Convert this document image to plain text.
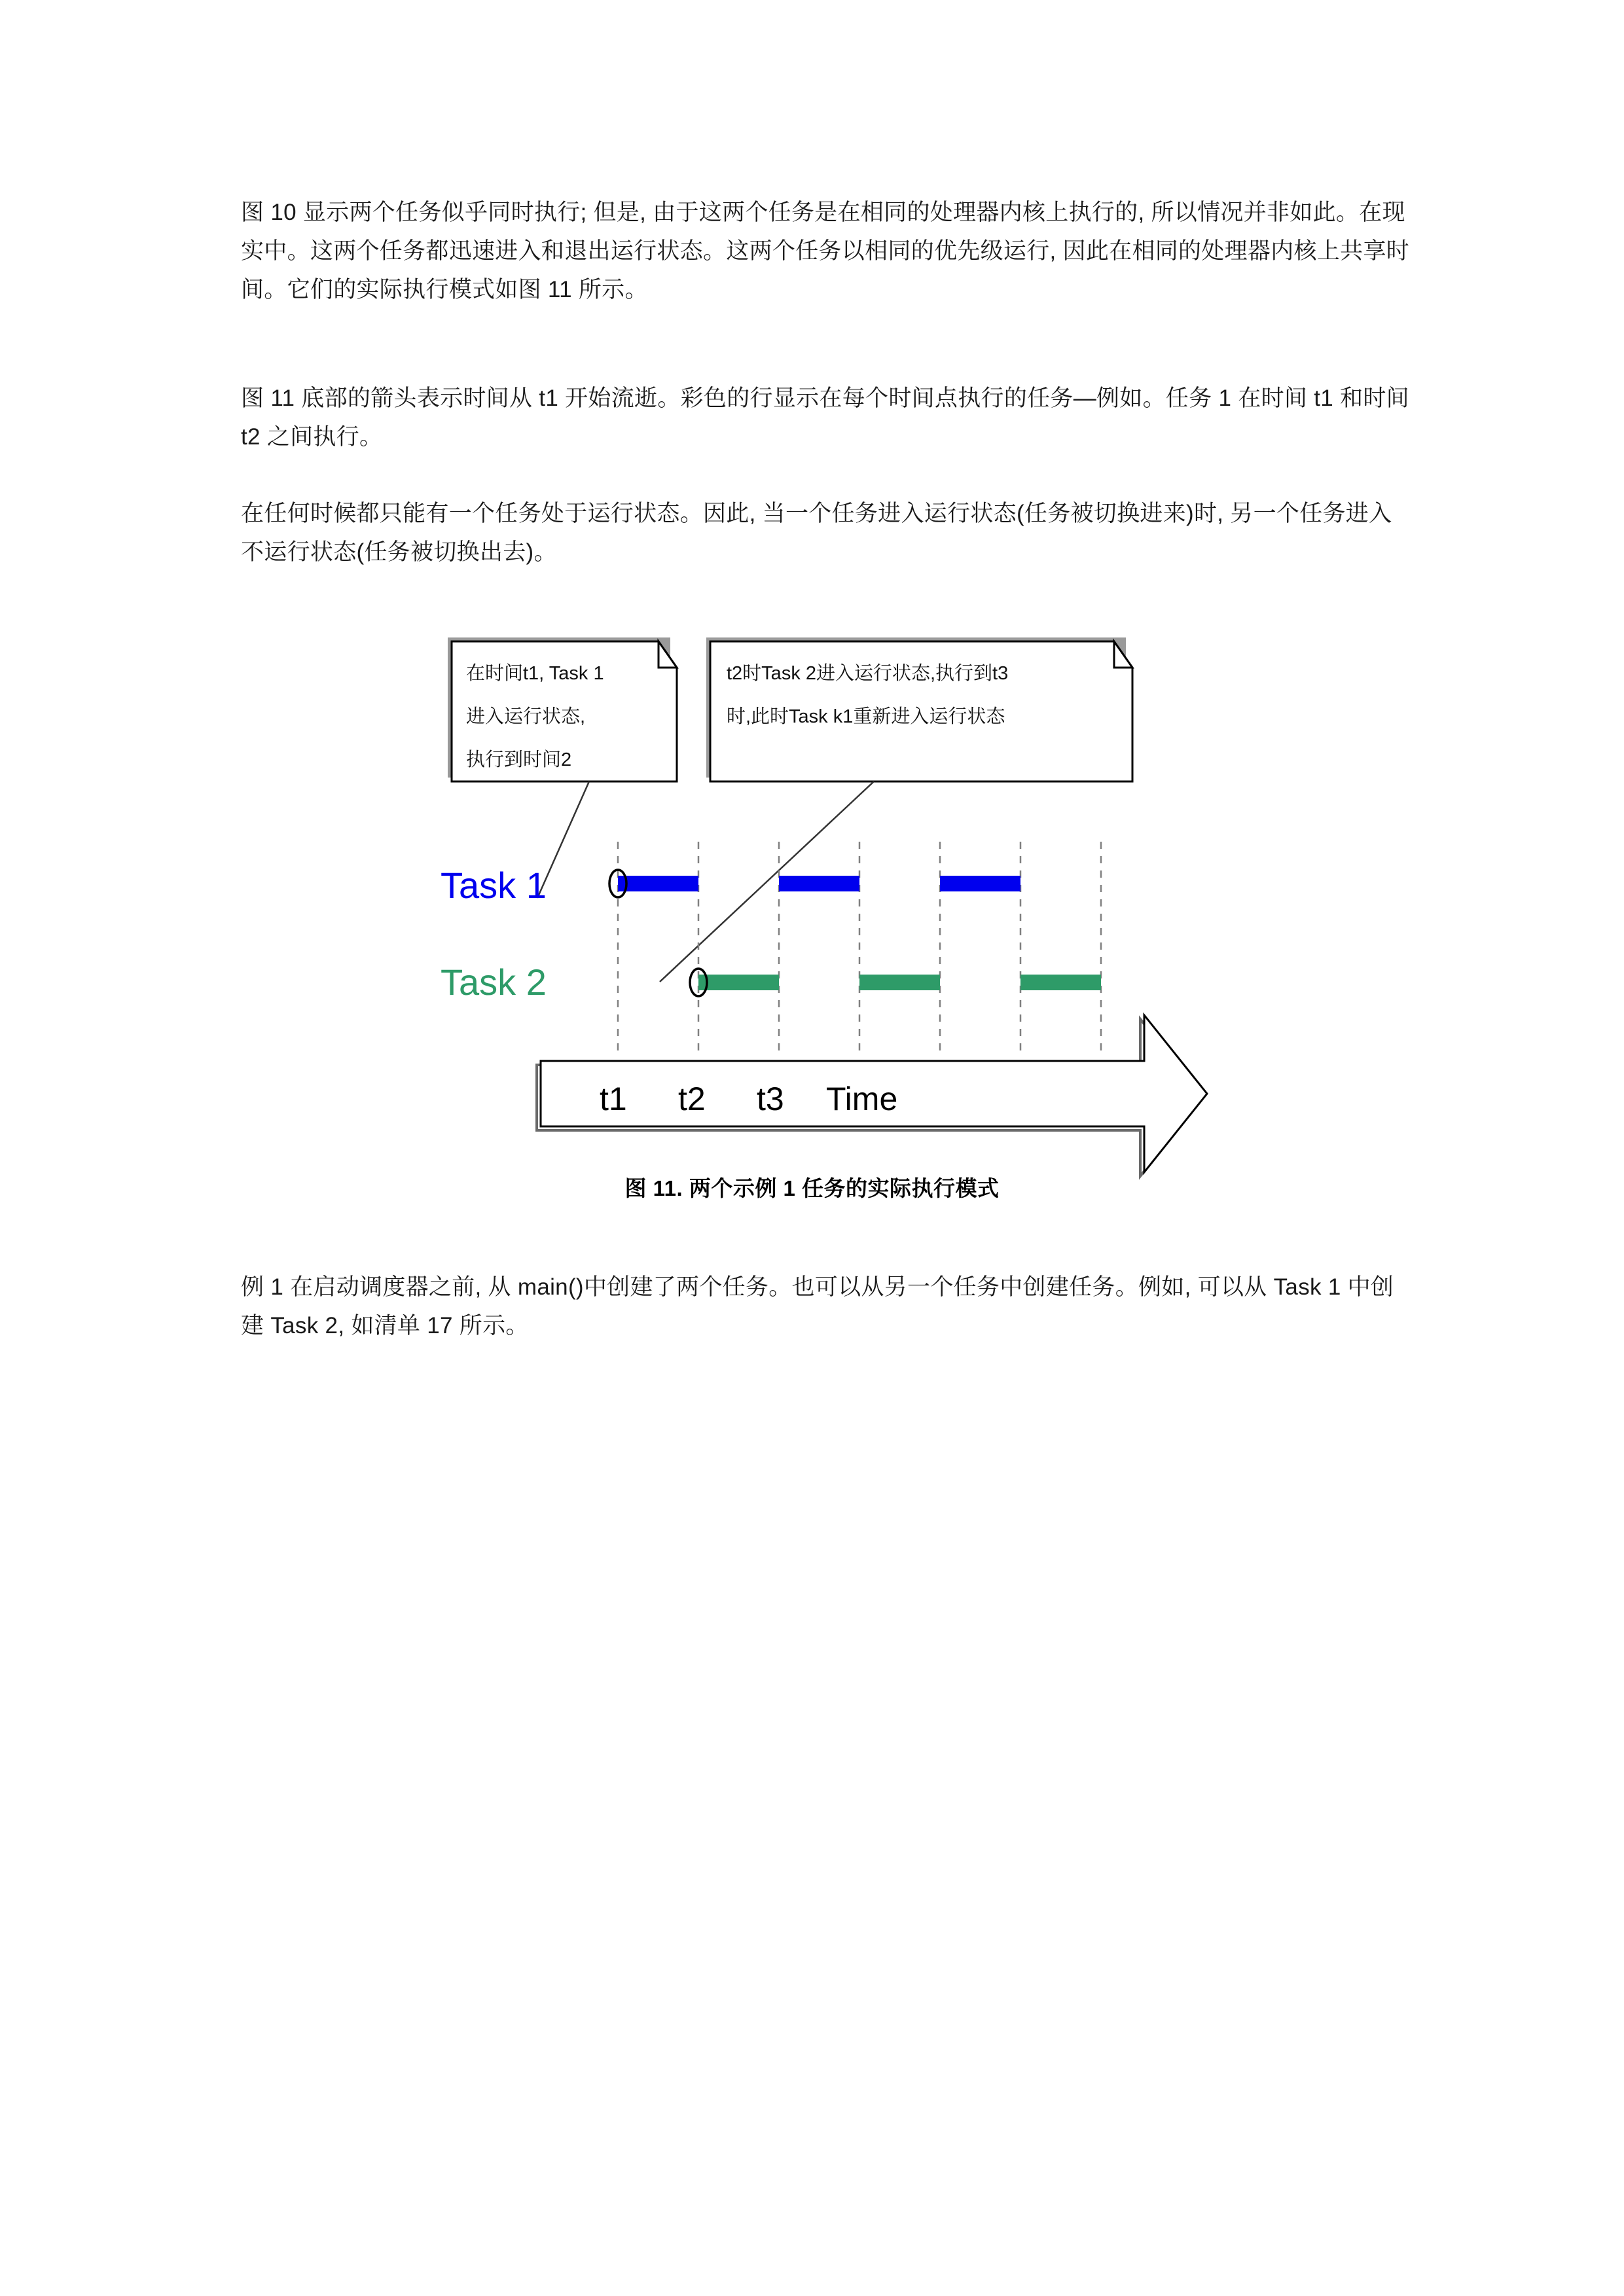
图 10 显示两个任务似乎同时执行; 但是, 由于这两个任务是在相同的处理器内核上执行的, 所以情况并非如此。在现实中。这两个任务都迅速进入和退出运行状态。这两个任务以相同的优先级运行, 因此在相同的处理器内核上共享时间。它们的实际执行模式如图 11 所示。

图 11 底部的箭头表示时间从 t1 开始流逝。彩色的行显示在每个时间点执行的任务—例如。任务 1 在时间 t1 和时间 t2 之间执行。

在任何时候都只能有一个任务处于运行状态。因此, 当一个任务进入运行状态(任务被切换进来)时, 另一个任务进入不运行状态(任务被切换出去)。

例 1 在启动调度器之前, 从 main()中创建了两个任务。也可以从另一个任务中创建任务。例如, 可以从 Task 1 中创建 Task 2, 如清单 17 所示。

在时间t1, Task 1
进入运行状态,
执行到时间2
t2时Task 2进入运行状态,执行到t3
时,此时Task k1重新进入运行状态
Task 1
Task 2
t1 t2 t3 Time
图 11. 两个示例 1 任务的实际执行模式
